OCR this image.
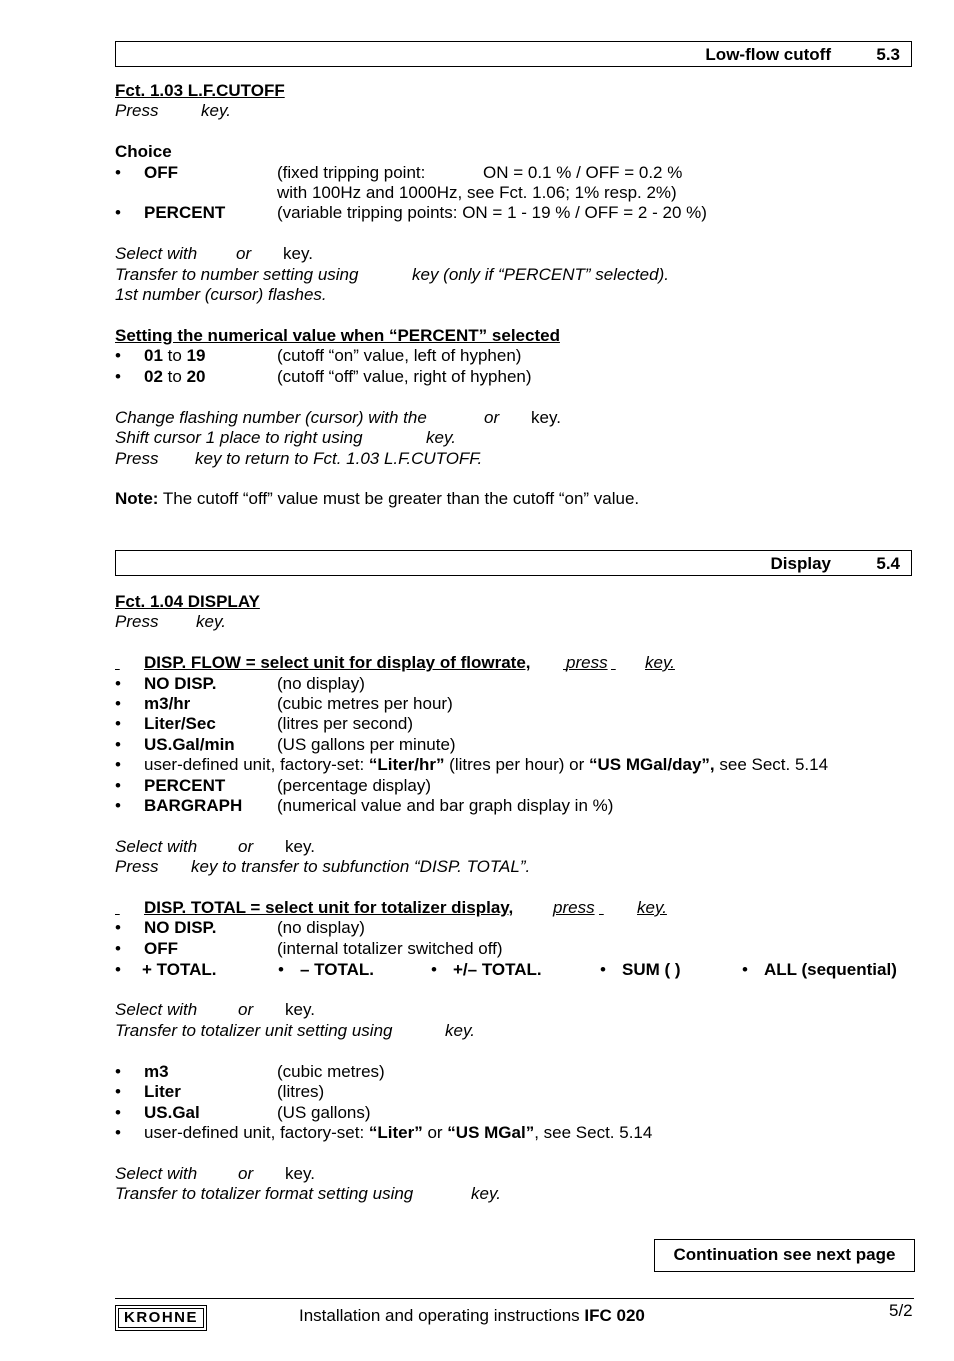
Low-flow cutoff	5.3
Fct. 1.03 L.F.CUTOFF
Press	key.
Choice
• OFF	(fixed tripping point:	ON = 0.1 % / OFF = 0.2 %
with 100Hz and 1000Hz, see Fct. 1.06; 1% resp. 2%)
• PERCENT	(variable tripping points: ON = 1 - 19 % / OFF = 2 - 20 %)
Select with or key.
Transfer to number setting using	key (only if “PERCENT” selected).
1st number (cursor) flashes.
Setting the numerical value when “PERCENT” selected
• 01 to 19	(cutoff “on” value, left of hyphen)
• 02 to 20	(cutoff “off” value, right of hyphen)
Change flashing number (cursor) with the	or key.
Shift cursor 1 place to right using	key.
Press key to return to Fct. 1.03 L.F.CUTOFF.
Note: The cutoff “off” value must be greater than the cutoff “on” value.
Display	5.4
Fct. 1.04 DISPLAY
Press key.

DISP. FLOW = select unit for display of flowrate,
press
key.
• NO DISP.	(no display)
• m3/hr	(cubic metres per hour)
• Liter/Sec	(litres per second)
• US.Gal/min (US gallons per minute)
• user-defined unit, factory-set: “Liter/hr” (litres per hour) or “US MGal/day”, see Sect. 5.14
• PERCENT	(percentage display)
• BARGRAPH (numerical value and bar graph display in %)
Select with or key.
Press key to transfer to subfunction “DISP. TOTAL”.

DISP. TOTAL = select unit for totalizer display, press
key.
• NO DISP.	(no display)
• OFF	(internal totalizer switched off)
• + TOTAL.	• – TOTAL.	• +/– TOTAL.	• SUM ( )	• ALL (sequential)
Select with or key.
Transfer to totalizer unit setting using	key.
• m3	(cubic metres)
• Liter	(litres)
• US.Gal	(US gallons)
• user-defined unit, factory-set: “Liter” or “US MGal”, see Sect. 5.14
Select with or key.
Transfer to totalizer format setting using	key.
Continuation see next page
KROHNE	Installation and operating instructions IFC 020	5/2
